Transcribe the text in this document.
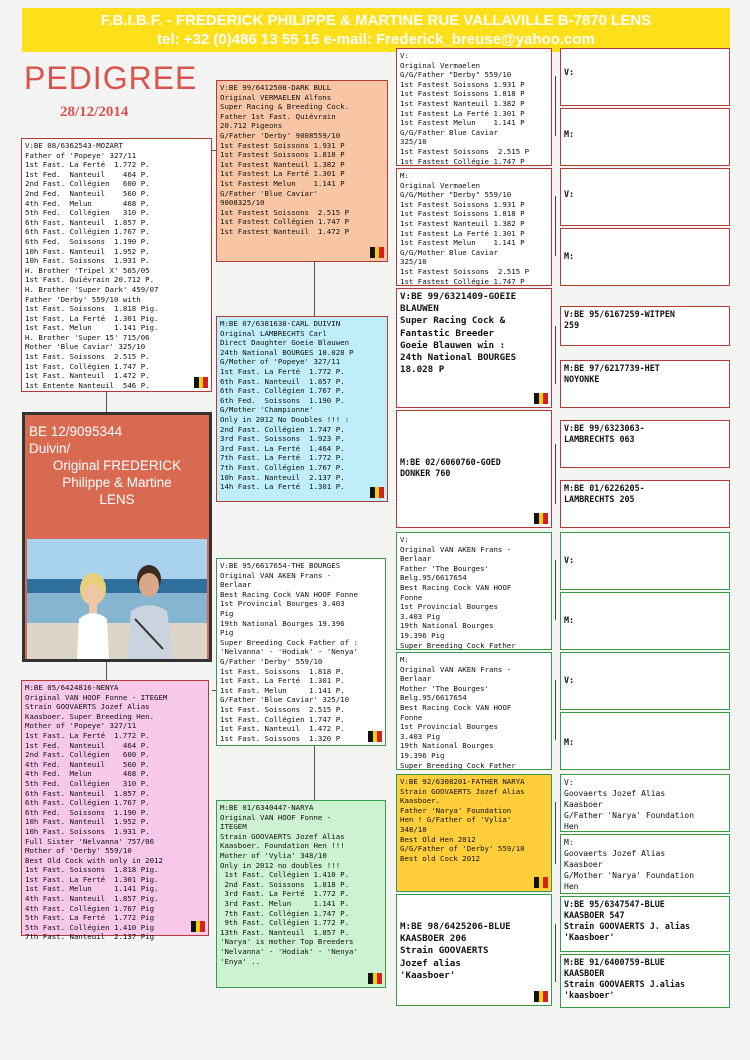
F.B.I.B.F. - FREDERICK PHILIPPE & MARTINE RUE VALLAVILLE B-7870 LENS
tel: +32 (0)486 13 55 15 e-mail: Frederick_breuse@yahoo.com
PEDIGREE
28/12/2014
V:BE 08/6362543-MOZART
Father of 'Popeye' 327/11
1st Fast. La Ferté  1.772 P.
1st Fed.  Nanteuil    464 P.
2nd Fast. Collégien   600 P.
2nd Fed.  Nanteuil    560 P.
4th Fed.  Melun       468 P.
5th Fed.  Collégien   310 P.
6th Fast. Nanteuil  1.857 P.
6th Fast. Collégien 1.767 P.
6th Fed.  Soissons  1.190 P.
10h Fast. Nanteuil  1.952 P.
10h Fast. Soissons  1.931 P.
H. Brother 'Tripel X' 565/05
1st Fast. Quiévrain 20.712 P.
H. Brother 'Super Dark' 459/07
Father 'Derby' 559/10 with
1st Fast. Soissons  1.818 Pig.
1st Fast. La Ferté  1.301 Pig.
1st Fast. Melun     1.141 Pig.
H. Brother 'Super 15' 715/06
Mother 'Blue Caviar' 325/10
1st Fast. Soissons  2.515 P.
1st Fast. Collégien 1.747 P.
1st Fast. Nanteuil  1.472 P.
1st Entente Nanteuil  546 P.
BE 12/9095344
Duivin/
Original FREDERICK
Philippe & Martine
LENS
M:BE 05/6424816-NENYA
Original VAN HOOF Fonne - ITEGEM
Strain GOOVAERTS Jozef Alias
Kaasboer. Super Breeding Hen.
Mother of 'Popeye' 327/11
1st Fast. La Ferté  1.772 P.
1st Fed.  Nanteuil    464 P.
2nd Fast. Collégien   600 P.
4th Fed.  Nanteuil    560 P.
4th Fed.  Melun       468 P.
5th Fed.  Collégien   310 P.
6th Fast. Nanteuil  1.857 P.
6th Fast. Collégien 1.767 P.
6th Fed.  Soissons  1.190 P.
10h Fast. Nanteuil  1.952 P.
10h Fast. Soissons  1.931 P.
Full Sister 'Nelvanna' 757/06
Mother of 'Derby' 559/10
Best Old Cock with only in 2012
1st Fast. Soissons  1.818 Pig.
1st Fast. La Ferté  1.301 Pig.
1st Fast. Melun     1.141 Pig.
4th Fast. Nanteuil  1.857 Pig.
4th Fast. Collégien 1.767 Pig
5th Fast. La Ferté  1.772 Pig
5th Fast. Collégien 1.410 Pig
7th Fast. Nanteuil  2.137 Pig
V:BE 99/6412508-DARK BULL
Original VERMAELEN Alfons
Super Racing & Breeding Cock.
Father 1st Fast. Quiévrain
20.712 Pigeons
G/Father 'Derby' 9008559/10
1st Fastest Soissons 1.931 P
1st Fastest Soissons 1.818 P
1st Fastest Nanteuil 1.382 P
1st Fastest La Ferté 1.301 P
1st Fastest Melun    1.141 P
G/Father 'Blue Caviar'
9008325/10
1st Fastest Soissons  2.515 P
1st Fastest Collégien 1.747 P
1st Fastest Nanteuil  1.472 P
M:BE 07/6381638-CARL DUIVIN
Original LAMBRECHTS Carl
Direct Daughter Goeie Blauwen
24th National BOURGES 18.028 P
G/Mother of 'Popeye' 327/11
1st Fast. La Ferté  1.772 P.
6th Fast. Nanteuil  1.857 P.
6th Fast. Collégien 1.767 P.
6th Fed.  Soissons  1.190 P.
G/Mother 'Championne'
Only in 2012 No Doubles !!! :
2nd Fast. Collégien 1.747 P.
3rd Fast. Soissons  1.923 P.
3rd Fast. La Ferté  1.464 P.
7th Fast. La Ferté  1.772 P.
7th Fast. Collégien 1.767 P.
10h Fast. Nanteuil  2.137 P.
14h Fast. La Ferté  1.301 P.
V:BE 95/6617654-THE BOURGES
Original VAN AKEN Frans -
Berlaar
Best Racing Cock VAN HOOF Fonne
1st Provincial Bourges 3.403
Pig
19th National Bourges 19.396
Pig
Super Breeding Cock Father of :
'Nelvanna' - 'Hodiak' - 'Nenya'
G/Father 'Derby' 559/10
1st Fast. Soissons  1.818 P.
1st Fast. La Ferté  1.301 P.
1st Fast. Melun     1.141 P.
G/Father 'Blue Caviar' 325/10
1st Fast. Soissons  2.515 P.
1st Fast. Collégien 1.747 P.
1st Fast. Nanteuil  1.472 P.
1st Fast. Soissons  1.320 P
M:BE 01/6340447-NARYA
Original VAN HOOF Fonne -
ITEGEM
Strain GOOVAERTS Jozef Alias
Kaasboer. Foundation Hen !!!
Mother of 'Vylia' 348/10
Only in 2012 no doubles !!!
1st Fast. Collégien 1.410 P.
2nd Fast. Soissons  1.818 P.
3rd Fast. La Ferté  1.772 P.
3rd Fast. Melun     1.141 P.
7th Fast. Collégien 1.747 P.
9th Fast. Collégien 1.772 P.
13th Fast. Nanteuil  1.857 P.
'Narya' is mother Top Breeders
'Nelvanna' - 'Hodiak' - 'Nenya'
'Enya' ..
V:
Original Vermaelen
G/G/Father "Derby" 559/10
1st Fastest Soissons 1.931 P
1st Fastest Soissons 1.818 P
1st Fastest Nanteuil 1.382 P
1st Fastest La Ferté 1.301 P
1st Fastest Melun    1.141 P
G/G/Father Blue Caviar
325/10
1st Fastest Soissons  2.515 P
1st Fastest Collégie 1.747 P
M:
Original Vermaelen
G/G/Mother "Derby" 559/10
1st Fastest Soissons 1.931 P
1st Fastest Soissons 1.818 P
1st Fastest Nanteuil 1.382 P
1st Fastest La Ferté 1.301 P
1st Fastest Melun    1.141 P
G/G/Mother Blue Caviar
325/10
1st Fastest Soissons  2.515 P
1st Fastest Collégie 1.747 P
V:BE 99/6321409-GOEIE
BLAUWEN
Super Racing Cock &
Fantastic Breeder
Goeie Blauwen win :
24th National BOURGES
18.028 P
M:BE 02/6060760-GOED
DONKER 760
V:
Original VAN AKEN Frans -
Berlaar
Father 'The Bourges'
Belg.95/6617654
Best Racing Cock VAN HOOF
Fonne
1st Provincial Bourges
3.403 Pig
19th National Bourges
19.396 Pig
Super Breeding Cock Father
M:
Original VAN AKEN Frans -
Berlaar
Mother 'The Bourges'
Belg.95/6617654
Best Racing Cock VAN HOOF
Fonne
1st Provincial Bourges
3.403 Pig
19th National Bourges
19.396 Pig
Super Breeding Cock Father
V:BE 92/6308201-FATHER NARYA
Strain GOOVAERTS Jozef Alias
Kaasboer.
Father 'Narya' Foundation
Hen ! G/Father of 'Vylia'
348/10
Best Old Hen 2012
G/G/Father of 'Derby' 559/10
Best old Cock 2012
M:BE 98/6425206-BLUE
KAASBOER 206
Strain GOOVAERTS
Jozef alias
'Kaasboer'
V:
M:
V:
M:
V:BE 95/6167259-WITPEN
259
M:BE 97/6217739-HET
NOYONKE
V:BE 99/6323063-
LAMBRECHTS 063
M:BE 01/6226205-
LAMBRECHTS 205
V:
M:
V:
M:
V:
Goovaerts Jozef Alias
Kaasboer
G/Father 'Narya' Foundation
Hen
M:
Goovaerts Jozef Alias
Kaasboer
G/Mother 'Narya' Foundation
Hen
V:BE 95/6347547-BLUE
KAASBOER 547
Strain GOOVAERTS J. alias
'Kaasboer'
M:BE 91/6400759-BLUE
KAASBOER
Strain GOOVAERTS J.alias
'kaasboer'
